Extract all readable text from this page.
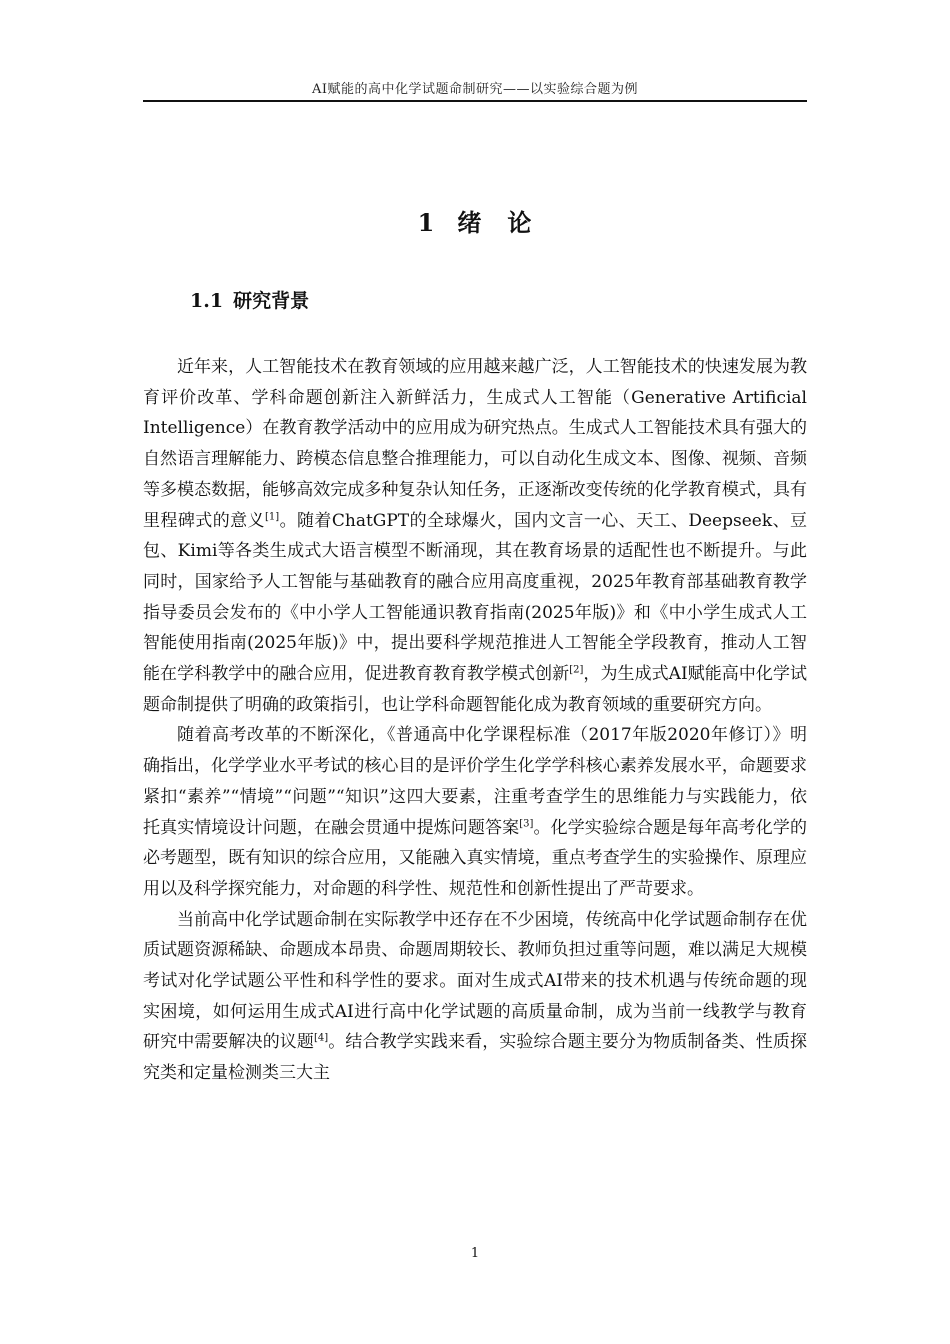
AI赋能的高中化学试题命制研究——以实验综合题为例
1 绪　论
1.1 研究背景

近年来，人工智能技术在教育领域的应用越来越广泛，人工智能技术的快速发展为教育评价改革、学科命题创新注入新鲜活力，生成式人工智能（Generative Artificial Intelligence）在教育教学活动中的应用成为研究热点。生成式人工智能技术具有强大的自然语言理解能力、跨模态信息整合推理能力，可以自动化生成文本、图像、视频、音频等多模态数据，能够高效完成多种复杂认知任务，正逐渐改变传统的化学教育模式，具有里程碑式的意义[1]。随着ChatGPT的全球爆火，国内文言一心、天工、Deepseek、豆包、Kimi等各类生成式大语言模型不断涌现，其在教育场景的适配性也不断提升。与此同时，国家给予人工智能与基础教育的融合应用高度重视，2025年教育部基础教育教学指导委员会发布的《中小学人工智能通识教育指南(2025年版)》和《中小学生成式人工智能使用指南(2025年版)》中，提出要科学规范推进人工智能全学段教育，推动人工智能在学科教学中的融合应用，促进教育教育教学模式创新[2]，为生成式AI赋能高中化学试题命制提供了明确的政策指引，也让学科命题智能化成为教育领域的重要研究方向。

随着高考改革的不断深化，《普通高中化学课程标准（2017年版2020年修订）》明确指出，化学学业水平考试的核心目的是评价学生化学学科核心素养发展水平，命题要求紧扣“素养”“情境”“问题”“知识”这四大要素，注重考查学生的思维能力与实践能力，依托真实情境设计问题，在融会贯通中提炼问题答案[3]。化学实验综合题是每年高考化学的必考题型，既有知识的综合应用，又能融入真实情境，重点考查学生的实验操作、原理应用以及科学探究能力，对命题的科学性、规范性和创新性提出了严苛要求。

当前高中化学试题命制在实际教学中还存在不少困境，传统高中化学试题命制存在优质试题资源稀缺、命题成本昂贵、命题周期较长、教师负担过重等问题，难以满足大规模考试对化学试题公平性和科学性的要求。面对生成式AI带来的技术机遇与传统命题的现实困境，如何运用生成式AI进行高中化学试题的高质量命制，成为当前一线教学与教育研究中需要解决的议题[4]。结合教学实践来看，实验综合题主要分为物质制备类、性质探究类和定量检测类三大主

1
